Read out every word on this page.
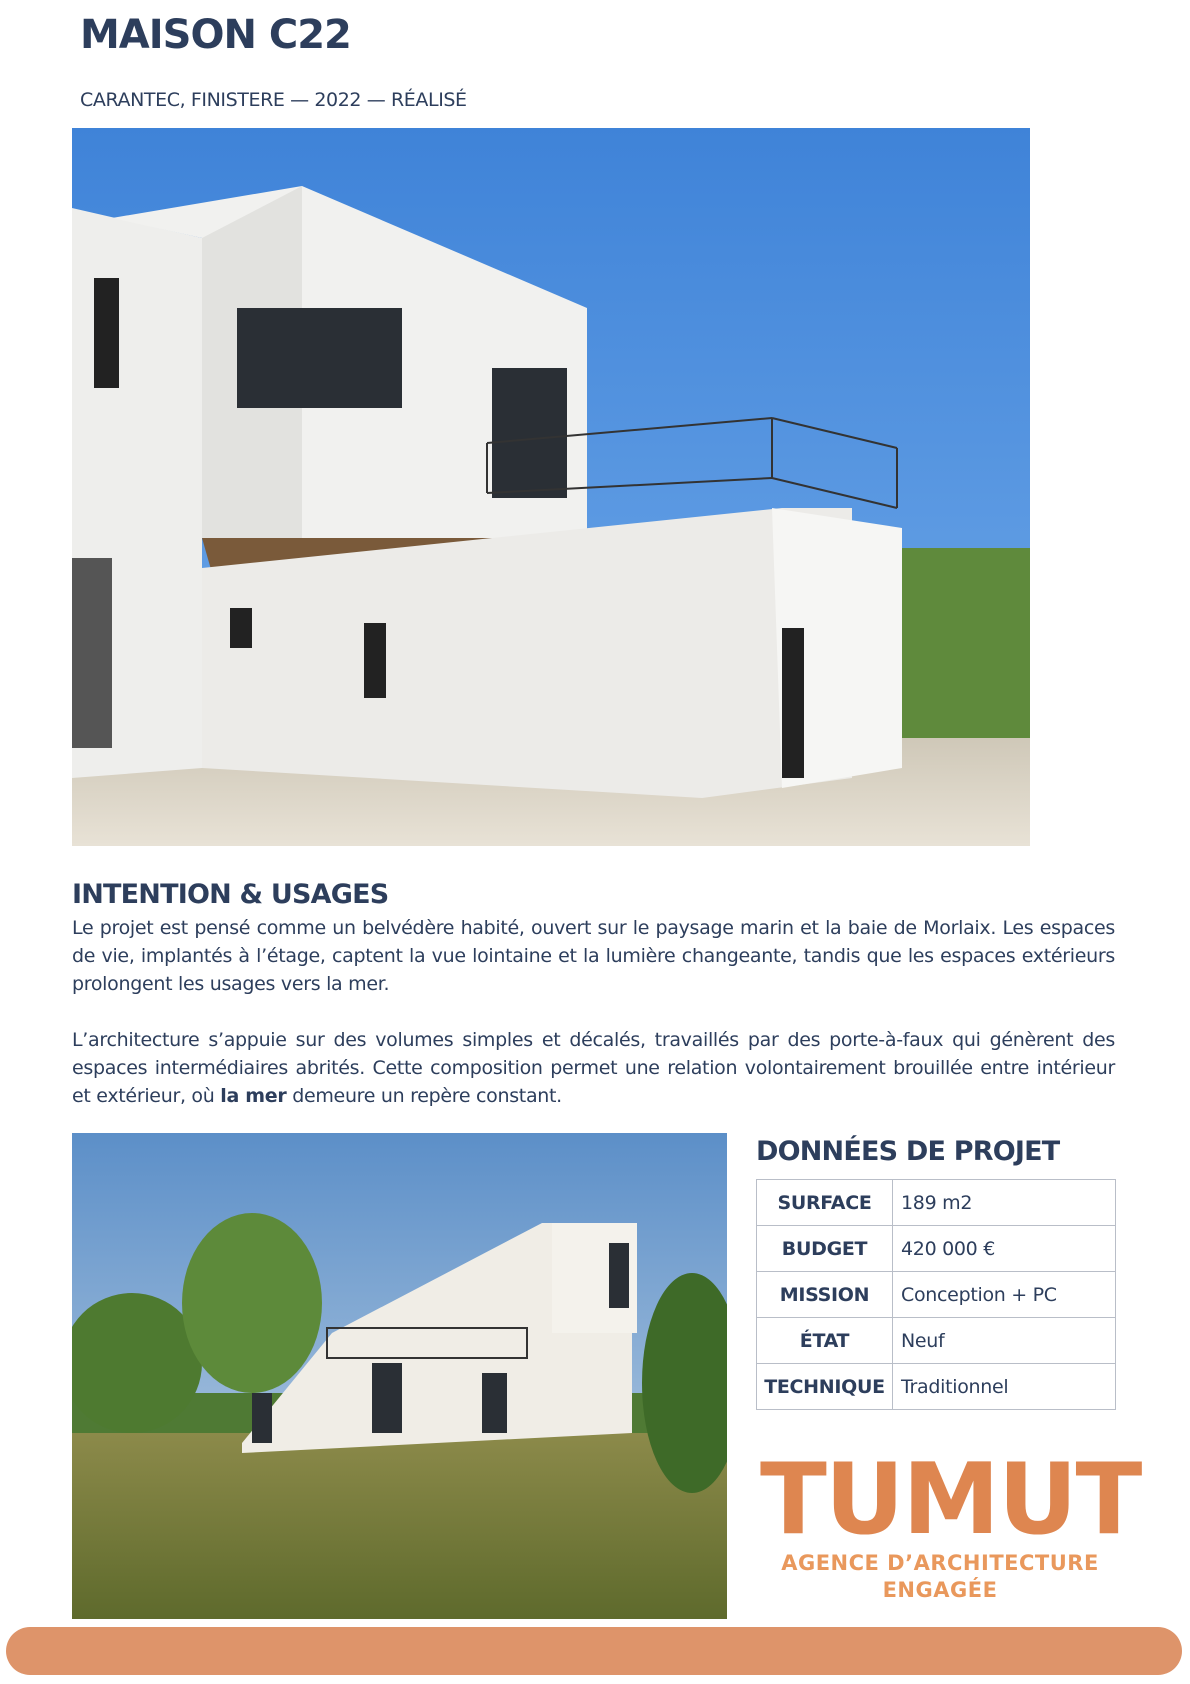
MAISON C22
CARANTEC, FINISTERE — 2022 — RÉALISÉ
INTENTION & USAGES

Le projet est pensé comme un belvédère habité, ouvert sur le paysage marin et la baie de Morlaix. Les espaces de vie, implantés à l’étage, captent la vue lointaine et la lumière changeante, tandis que les espaces extérieurs prolongent les usages vers la mer.

L’architecture s’appuie sur des volumes simples et décalés, travaillés par des porte-à-faux qui génèrent des espaces intermédiaires abrités. Cette composition permet une relation volontairement brouillée entre intérieur et extérieur, où la mer demeure un repère constant.

DONNÉES DE PROJET
SURFACE	189 m2
BUDGET	420 000 €
MISSION	Conception + PC
ÉTAT	Neuf
TECHNIQUE	Traditionnel
TUMUT
AGENCE D’ARCHITECTURE
ENGAGÉE
